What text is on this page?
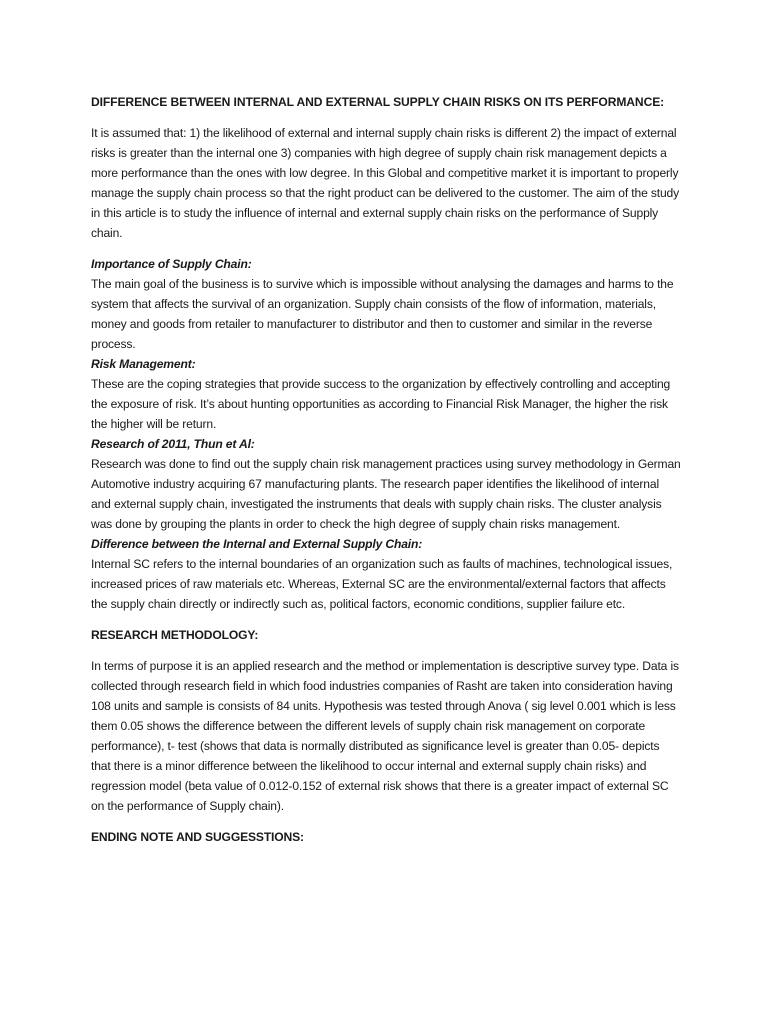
DIFFERENCE BETWEEN INTERNAL AND EXTERNAL SUPPLY CHAIN RISKS ON ITS PERFORMANCE:

It is assumed that: 1) the likelihood of external and internal supply chain risks is different 2) the impact of external risks is greater than the internal one 3) companies with high degree of supply chain risk management depicts a more performance than the ones with low degree. In this Global and competitive market it is important to properly manage the supply chain process so that the right product can be delivered to the customer. The aim of the study in this article is to study the influence of internal and external supply chain risks on the performance of Supply chain.

Importance of Supply Chain:

The main goal of the business is to survive which is impossible without analysing the damages and harms to the system that affects the survival of an organization. Supply chain consists of the flow of information, materials, money and goods from retailer to manufacturer to distributor and then to customer and similar in the reverse process.

Risk Management:

These are the coping strategies that provide success to the organization by effectively controlling and accepting the exposure of risk. It’s about hunting opportunities as according to Financial Risk Manager, the higher the risk the higher will be return.

Research of 2011, Thun et Al:

Research was done to find out the supply chain risk management practices using survey methodology in German Automotive industry acquiring 67 manufacturing plants. The research paper identifies the likelihood of internal and external supply chain, investigated the instruments that deals with supply chain risks. The cluster analysis was done by grouping the plants in order to check the high degree of supply chain risks management.

Difference between the Internal and External Supply Chain:

Internal SC refers to the internal boundaries of an organization such as faults of machines, technological issues, increased prices of raw materials etc. Whereas, External SC are the environmental/external factors that affects the supply chain directly or indirectly such as, political factors, economic conditions, supplier failure etc.

RESEARCH METHODOLOGY:

In terms of purpose it is an applied research and the method or implementation is descriptive survey type. Data is collected through research field in which food industries companies of Rasht are taken into consideration having 108 units and sample is consists of 84 units. Hypothesis was tested through Anova ( sig level 0.001 which is less them 0.05 shows the difference between the different levels of supply chain risk management on corporate performance), t- test (shows that data is normally distributed as significance level is greater than 0.05- depicts that there is a minor difference between the likelihood to occur internal and external supply chain risks) and regression model (beta value of 0.012-0.152 of external risk shows that there is a greater impact of external SC on the performance of Supply chain).

ENDING NOTE AND SUGGESSTIONS:
